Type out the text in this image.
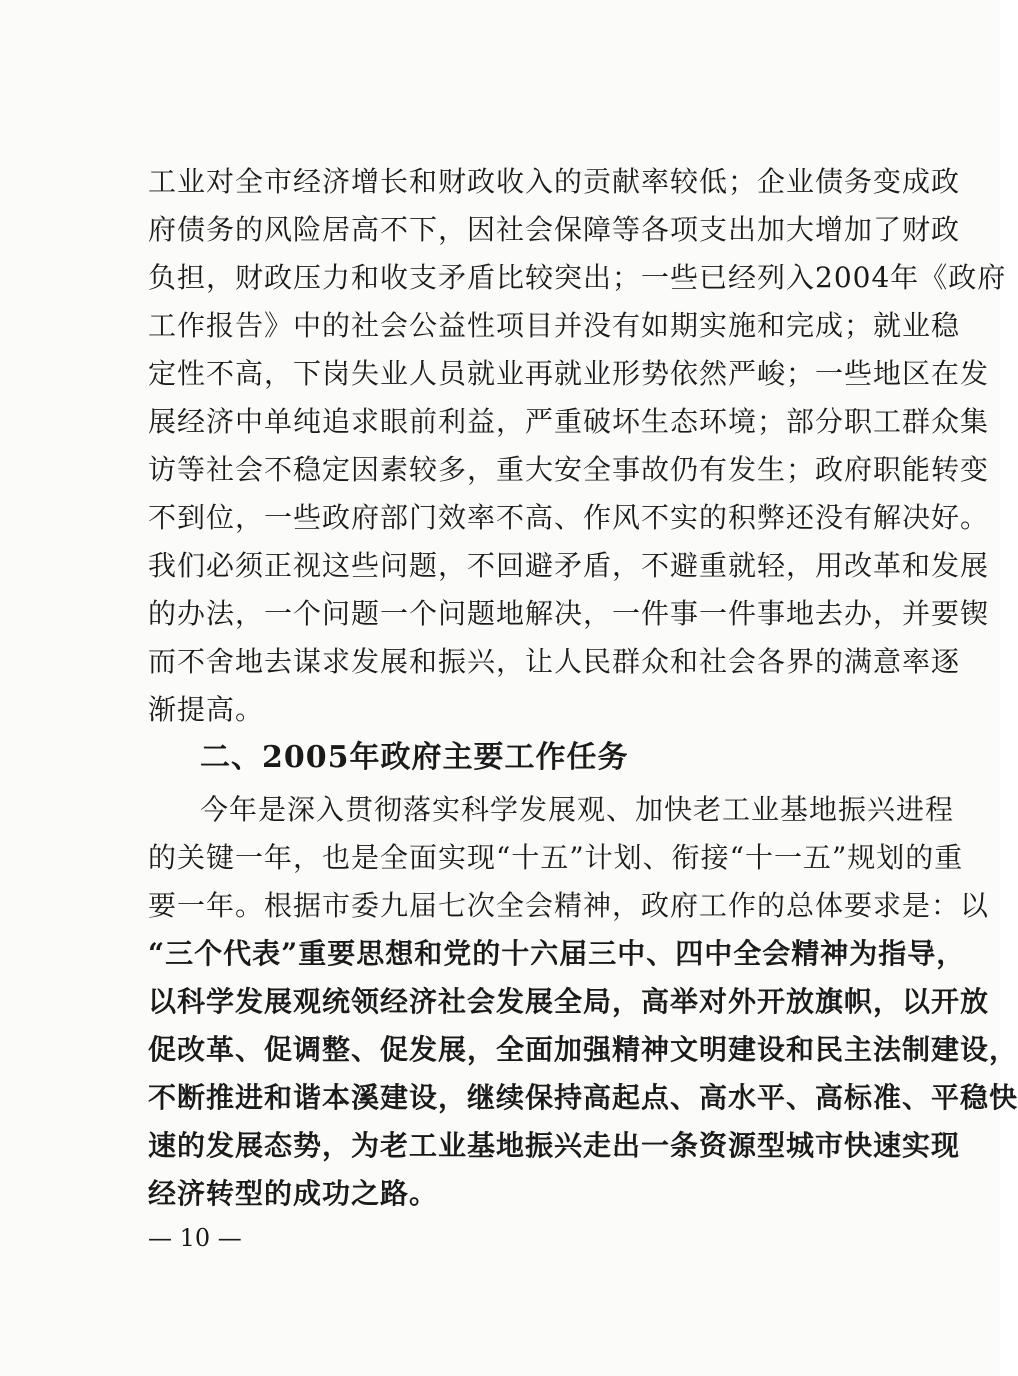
工业对全市经济增长和财政收入的贡献率较低；企业债务变成政
府债务的风险居高不下，因社会保障等各项支出加大增加了财政
负担，财政压力和收支矛盾比较突出；一些已经列入2004年《政府
工作报告》中的社会公益性项目并没有如期实施和完成；就业稳
定性不高，下岗失业人员就业再就业形势依然严峻；一些地区在发
展经济中单纯追求眼前利益，严重破坏生态环境；部分职工群众集
访等社会不稳定因素较多，重大安全事故仍有发生；政府职能转变
不到位，一些政府部门效率不高、作风不实的积弊还没有解决好。
我们必须正视这些问题，不回避矛盾，不避重就轻，用改革和发展
的办法，一个问题一个问题地解决，一件事一件事地去办，并要锲
而不舍地去谋求发展和振兴，让人民群众和社会各界的满意率逐
渐提高。
二、2005年政府主要工作任务
今年是深入贯彻落实科学发展观、加快老工业基地振兴进程
的关键一年，也是全面实现“十五”计划、衔接“十一五”规划的重
要一年。根据市委九届七次全会精神，政府工作的总体要求是：以
“三个代表”重要思想和党的十六届三中、四中全会精神为指导，
以科学发展观统领经济社会发展全局，高举对外开放旗帜，以开放
促改革、促调整、促发展，全面加强精神文明建设和民主法制建设，
不断推进和谐本溪建设，继续保持高起点、高水平、高标准、平稳快
速的发展态势，为老工业基地振兴走出一条资源型城市快速实现
经济转型的成功之路。
— 10 —
